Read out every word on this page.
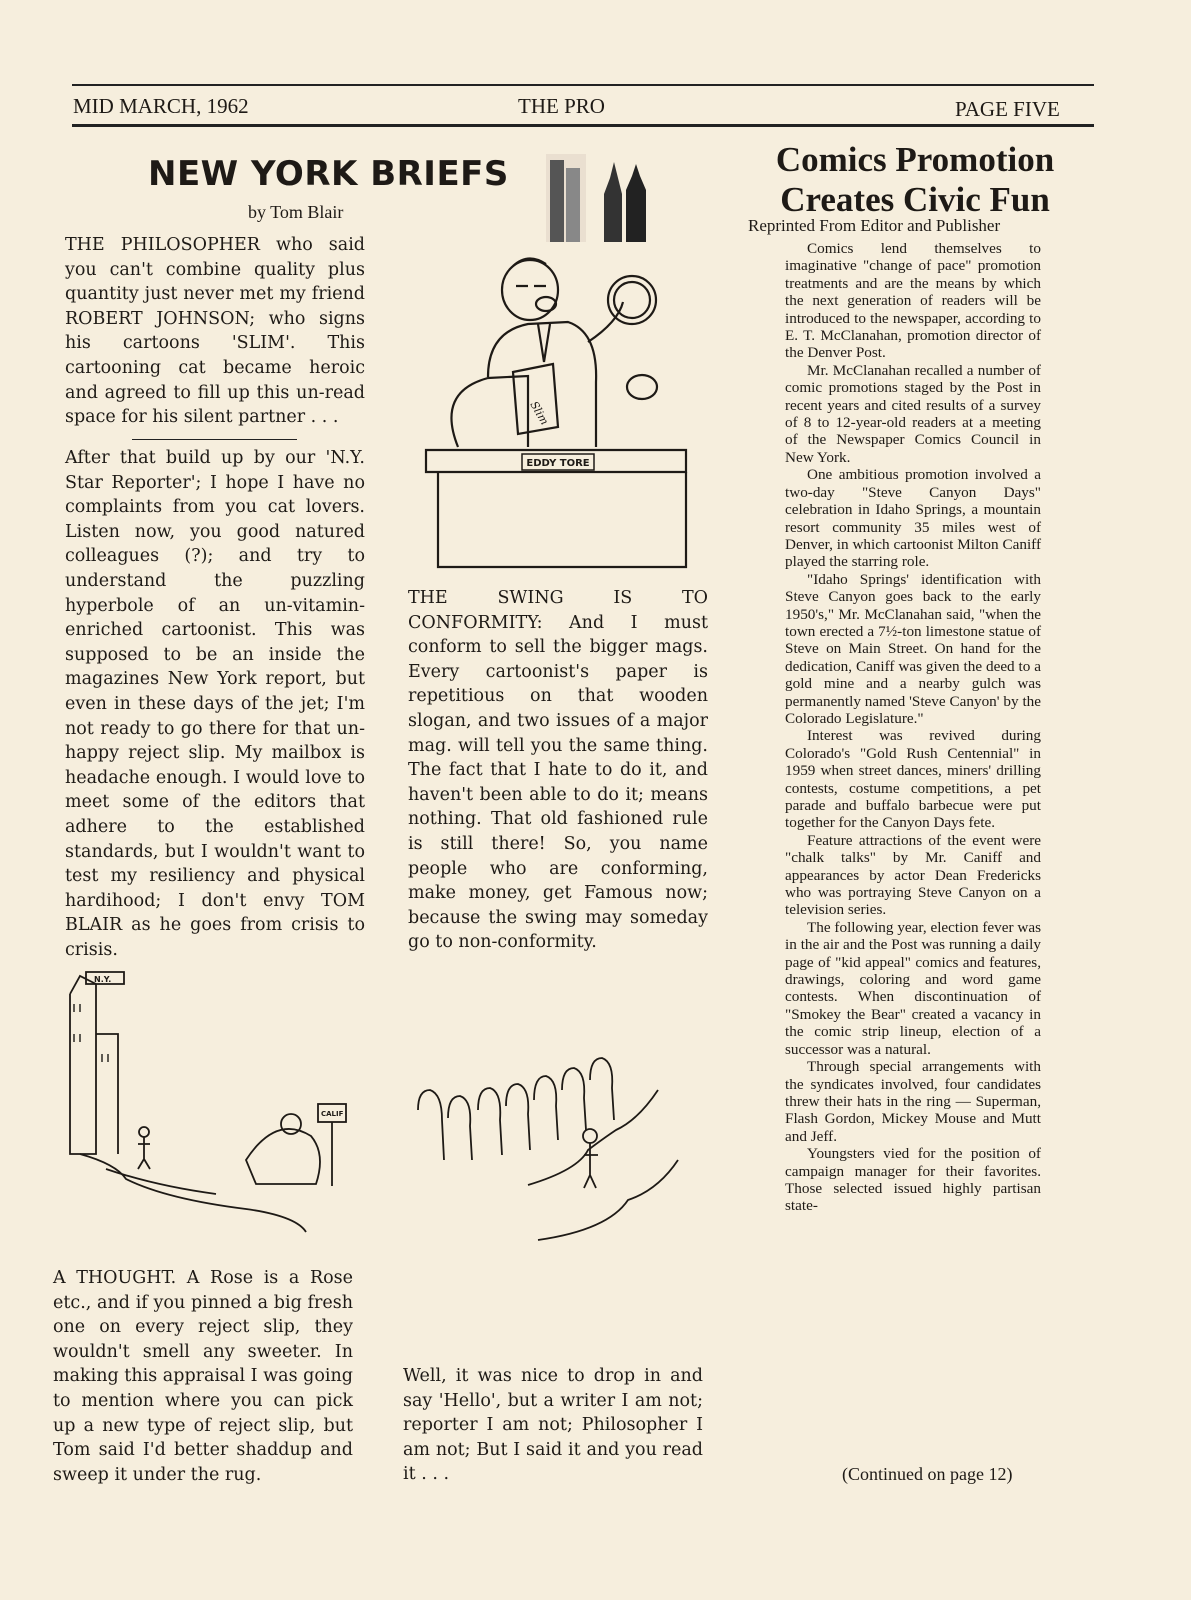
MID MARCH, 1962	THE PRO	PAGE FIVE
NEW YORK BRIEFS
by Tom Blair

THE PHILOSOPHER who said you can't combine quality plus quantity just never met my friend ROBERT JOHNSON; who signs his cartoons 'SLIM'. This cartooning cat became heroic and agreed to fill up this un-read space for his silent partner . . .

After that build up by our 'N.Y. Star Reporter'; I hope I have no complaints from you cat lovers. Listen now, you good natured colleagues (?); and try to understand the puzzling hyperbole of an un-vitamin-enriched cartoonist. This was supposed to be an inside the magazines New York report, but even in these days of the jet; I'm not ready to go there for that un-happy reject slip. My mailbox is headache enough. I would love to meet some of the editors that adhere to the established standards, but I wouldn't want to test my resiliency and physical hardihood; I don't envy TOM BLAIR as he goes from crisis to crisis.

EDDY TORE
Slim

THE SWING IS TO CONFORMITY: And I must conform to sell the bigger mags. Every cartoonist's paper is repetitious on that wooden slogan, and two issues of a major mag. will tell you the same thing. The fact that I hate to do it, and haven't been able to do it; means nothing. That old fashioned rule is still there! So, you name people who are conforming, make money, get Famous now; because the swing may someday go to non-conformity.

N.Y.
CALIF

A THOUGHT. A Rose is a Rose etc., and if you pinned a big fresh one on every reject slip, they wouldn't smell any sweeter. In making this appraisal I was going to mention where you can pick up a new type of reject slip, but Tom said I'd better shaddup and sweep it under the rug.

Well, it was nice to drop in and say 'Hello', but a writer I am not; reporter I am not; Philosopher I am not; But I said it and you read it . . .

Comics Promotion
Creates Civic Fun
Reprinted From Editor and Publisher

Comics lend themselves to imaginative "change of pace" promotion treatments and are the means by which the next generation of readers will be introduced to the newspaper, according to E. T. McClanahan, promotion director of the Denver Post.

Mr. McClanahan recalled a number of comic promotions staged by the Post in recent years and cited results of a survey of 8 to 12-year-old readers at a meeting of the Newspaper Comics Council in New York.

One ambitious promotion involved a two-day "Steve Canyon Days" celebration in Idaho Springs, a mountain resort community 35 miles west of Denver, in which cartoonist Milton Caniff played the starring role.

"Idaho Springs' identification with Steve Canyon goes back to the early 1950's," Mr. McClanahan said, "when the town erected a 7½-ton limestone statue of Steve on Main Street. On hand for the dedication, Caniff was given the deed to a gold mine and a nearby gulch was permanently named 'Steve Canyon' by the Colorado Legislature."

Interest was revived during Colorado's "Gold Rush Centennial" in 1959 when street dances, miners' drilling contests, costume competitions, a pet parade and buffalo barbecue were put together for the Canyon Days fete.

Feature attractions of the event were "chalk talks" by Mr. Caniff and appearances by actor Dean Fredericks who was portraying Steve Canyon on a television series.

The following year, election fever was in the air and the Post was running a daily page of "kid appeal" comics and features, drawings, coloring and word game contests. When discontinuation of "Smokey the Bear" created a vacancy in the comic strip lineup, election of a successor was a natural.

Through special arrangements with the syndicates involved, four candidates threw their hats in the ring — Superman, Flash Gordon, Mickey Mouse and Mutt and Jeff.

Youngsters vied for the position of campaign manager for their favorites. Those selected issued highly partisan state-

(Continued on page 12)
